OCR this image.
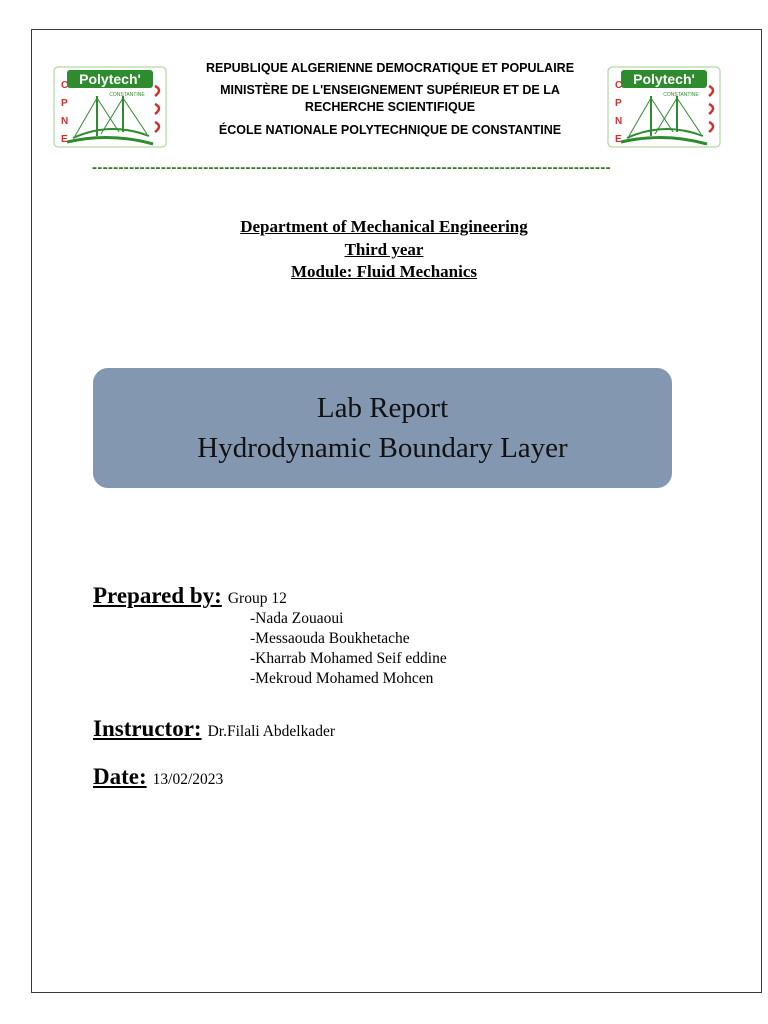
Polytech'
CONSTANTINE
C
P
N
E
Polytech'
CONSTANTINE
C
P
N
E
REPUBLIQUE ALGERIENNE DEMOCRATIQUE ET POPULAIRE
MINISTÈRE DE L'ENSEIGNEMENT SUPÉRIEUR ET DE LA RECHERCHE SCIENTIFIQUE
ÉCOLE NATIONALE POLYTECHNIQUE DE CONSTANTINE
--------------------------------------------------------------------------------------------------
Department of Mechanical Engineering
Third year
Module: Fluid Mechanics
Lab Report
Hydrodynamic Boundary Layer
Prepared by: Group 12
-Nada Zouaoui
-Messaouda Boukhetache
-Kharrab Mohamed Seif eddine
-Mekroud Mohamed Mohcen
Instructor: Dr.Filali Abdelkader
Date: 13/02/2023
